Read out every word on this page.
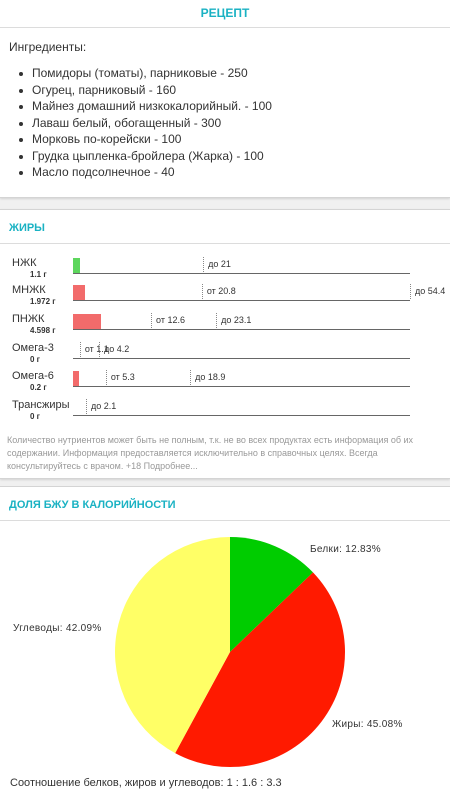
РЕЦЕПТ
Ингредиенты:
Помидоры (томаты), парниковые - 250
Огурец, парниковый - 160
Майнез домашний низкокалорийный. - 100
Лаваш белый, обогащенный - 300
Морковь по-корейски - 100
Грудка цыпленка-бройлера (Жарка) - 100
Масло подсолнечное - 40
ЖИРЫ
НЖК
1.1 г
до 21
МНЖК
1.972 г
от 20.8	до 54.4
ПНЖК
4.598 г
от 12.6	до 23.1
Омега-3
0 г
от 1.1
до 4.2
Омега-6
0.2 г
от 5.3	до 18.9
Трансжиры
0 г
до 2.1
Количество нутриентов может быть не полным, т.к. не во всех продуктах есть информация об их содержании. Информация предоставляется исключительно в справочных целях. Всегда консультируйтесь с врачом. +18 Подробнее...
ДОЛЯ БЖУ В КАЛОРИЙНОСТИ
Белки: 12.83%
Жиры: 45.08%
Углеводы: 42.09%
Соотношение белков, жиров и углеводов: 1 : 1.6 : 3.3
